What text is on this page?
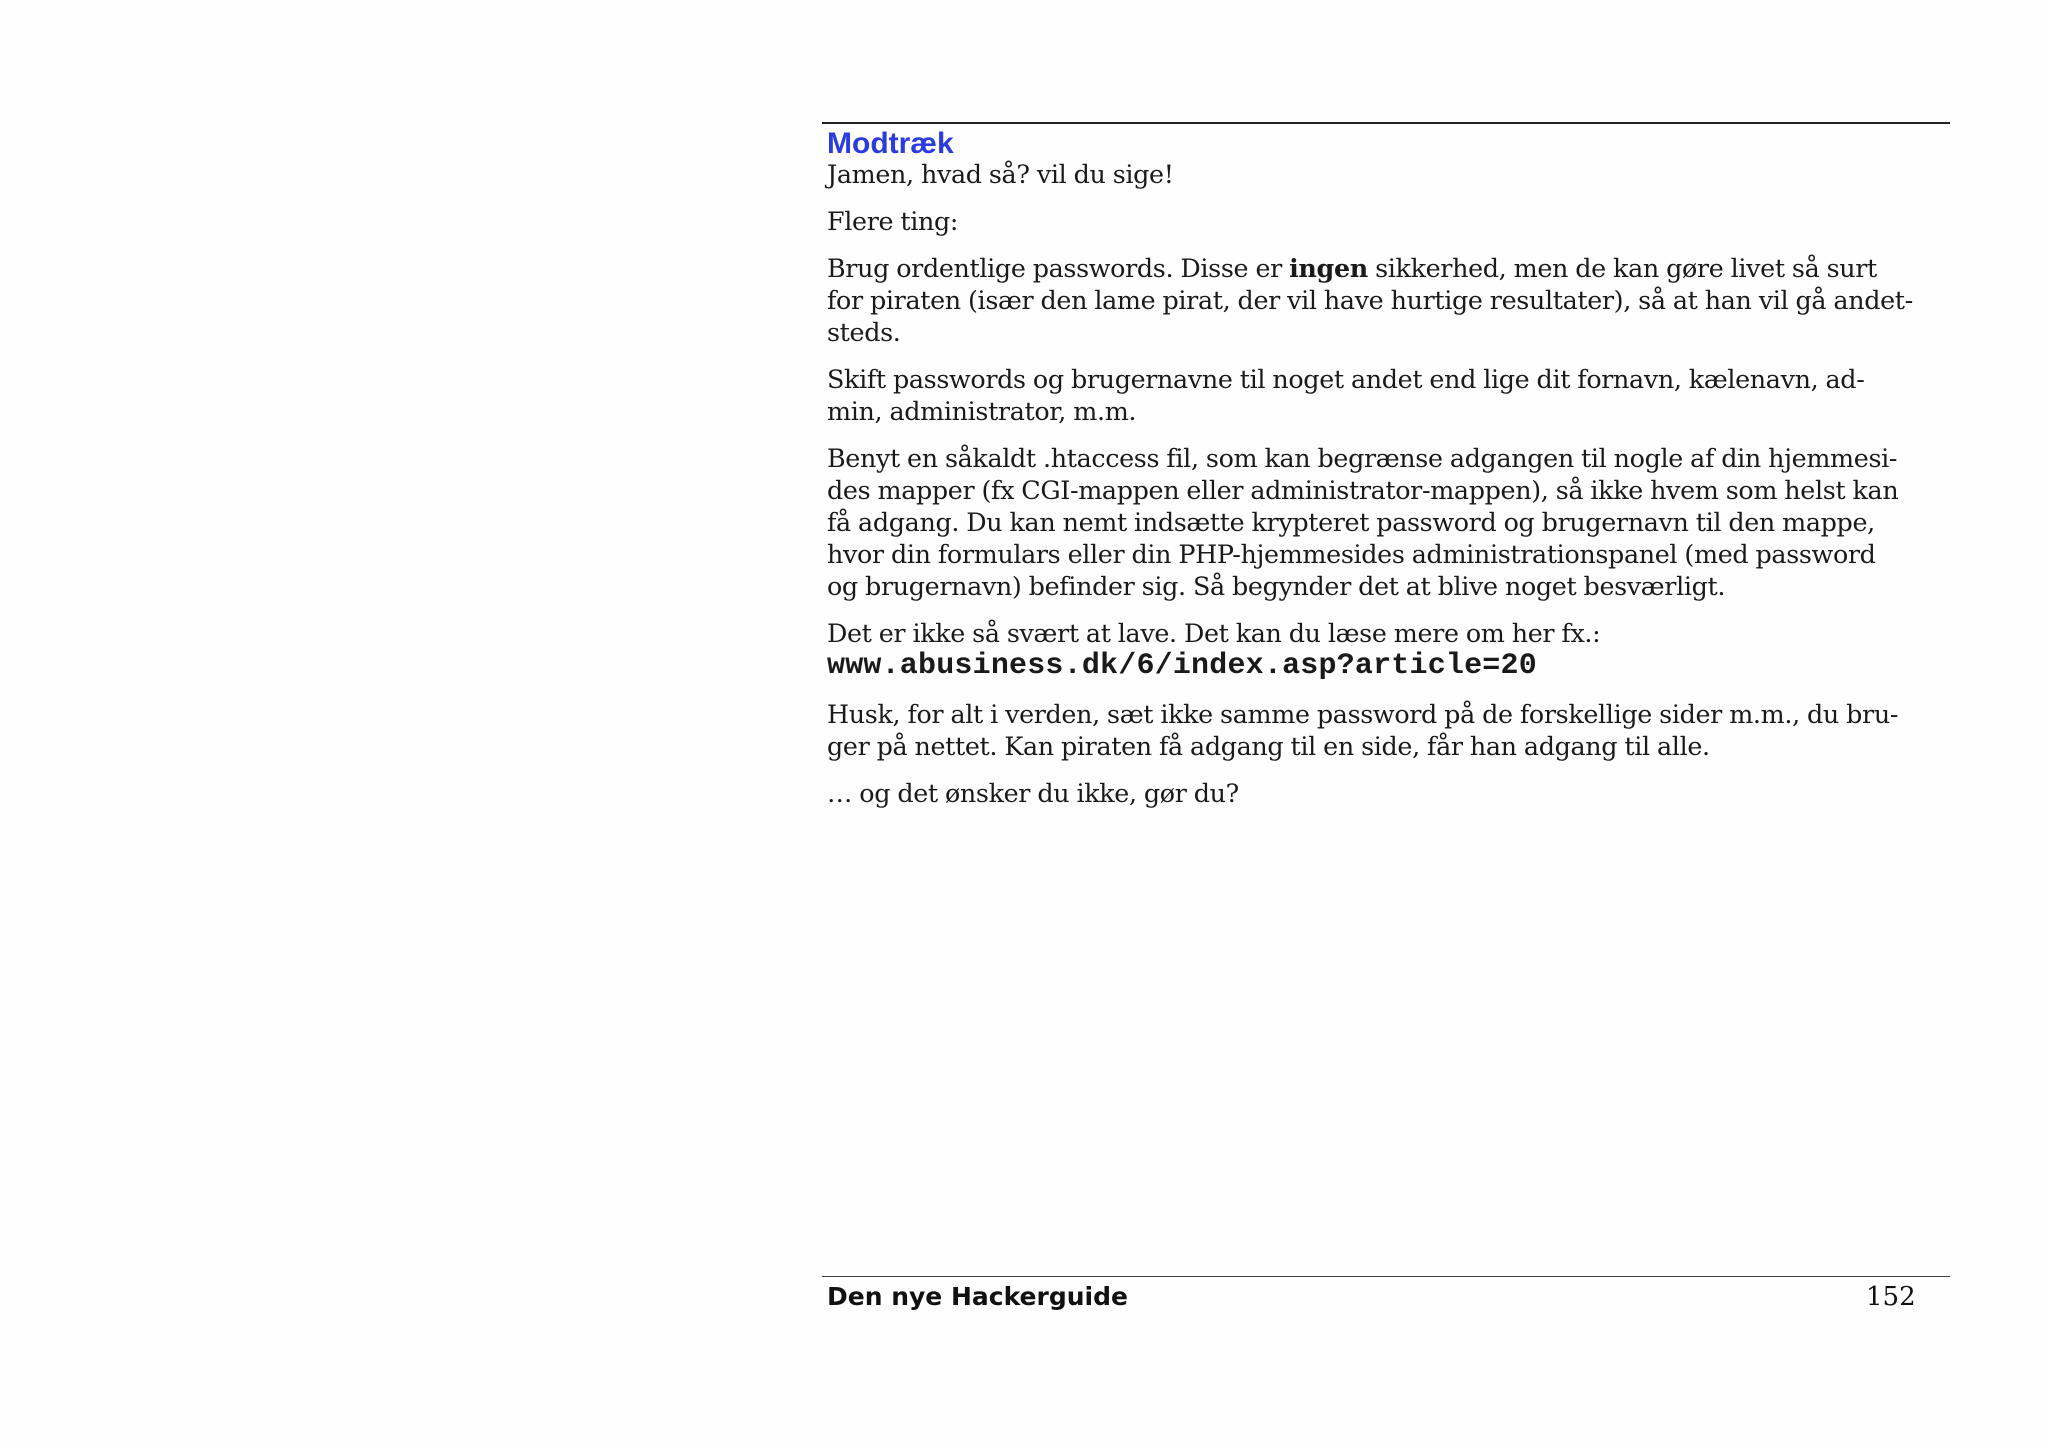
Modtræk

Jamen, hvad så? vil du sige!

Flere ting:

Brug ordentlige passwords. Disse er ingen sikkerhed, men de kan gøre livet så surt
for piraten (især den lame pirat, der vil have hurtige resultater), så at han vil gå andet-
steds.

Skift passwords og brugernavne til noget andet end lige dit fornavn, kælenavn, ad-
min, administrator, m.m.

Benyt en såkaldt .htaccess fil, som kan begrænse adgangen til nogle af din hjemmesi-
des mapper (fx CGI-mappen eller administrator-mappen), så ikke hvem som helst kan
få adgang. Du kan nemt indsætte krypteret password og brugernavn til den mappe,
hvor din formulars eller din PHP-hjemmesides administrationspanel (med password
og brugernavn) befinder sig. Så begynder det at blive noget besværligt.

Det er ikke så svært at lave. Det kan du læse mere om her fx.:
www.abusiness.dk/6/index.asp?article=20

Husk, for alt i verden, sæt ikke samme password på de forskellige sider m.m., du bru-
ger på nettet. Kan piraten få adgang til en side, får han adgang til alle.

… og det ønsker du ikke, gør du?

Den nye Hackerguide	152
